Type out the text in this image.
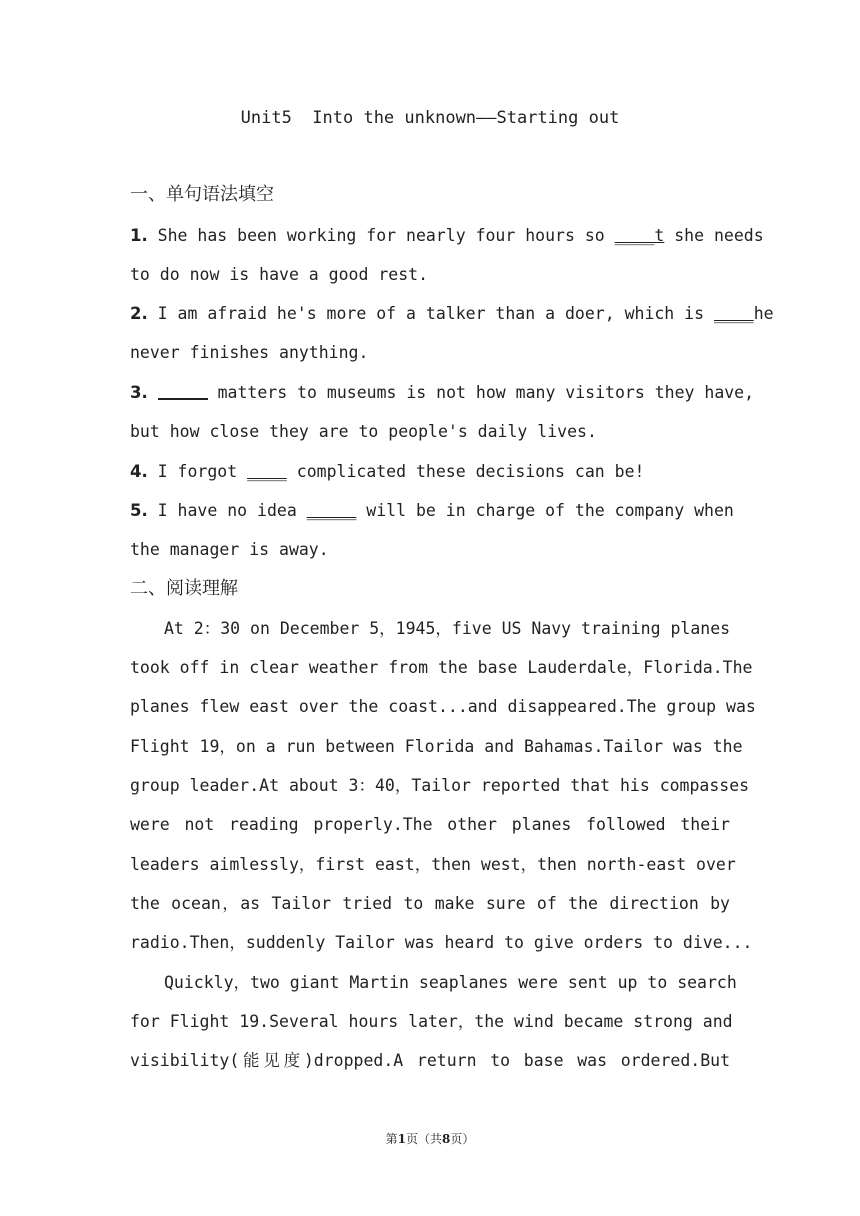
Unit5  Into the unknown——Starting out
一、单句语法填空
1. She has been working for nearly four hours so ____t she needs
to do now is have a good rest.
2. I am afraid he's more of a talker than a doer, which is ____he
never finishes anything.
3.	matters to museums is not how many visitors they have,
but how close they are to people's daily lives.
4. I forgot ____ complicated these decisions can be!
5. I have no idea _____ will be in charge of the company when
the manager is away.
二、阅读理解
At 2：30 on December 5，1945，five US Navy training planes
took off in clear weather from the base Lauderdale，Florida.The
planes flew east over the coast...and disappeared.The group was
Flight 19，on a run between Florida and Bahamas.Tailor was the
group leader.At about 3：40，Tailor reported that his compasses
were not reading properly.The other planes followed their
leaders aimlessly，first east，then west，then north-east over
the ocean，as Tailor tried to make sure of the direction by
radio.Then，suddenly Tailor was heard to give orders to dive...
Quickly，two giant Martin seaplanes were sent up to search
for Flight 19.Several hours later，the wind became strong and
visibility(能见度)dropped.A return to base was ordered.But
第1页（共8页）
